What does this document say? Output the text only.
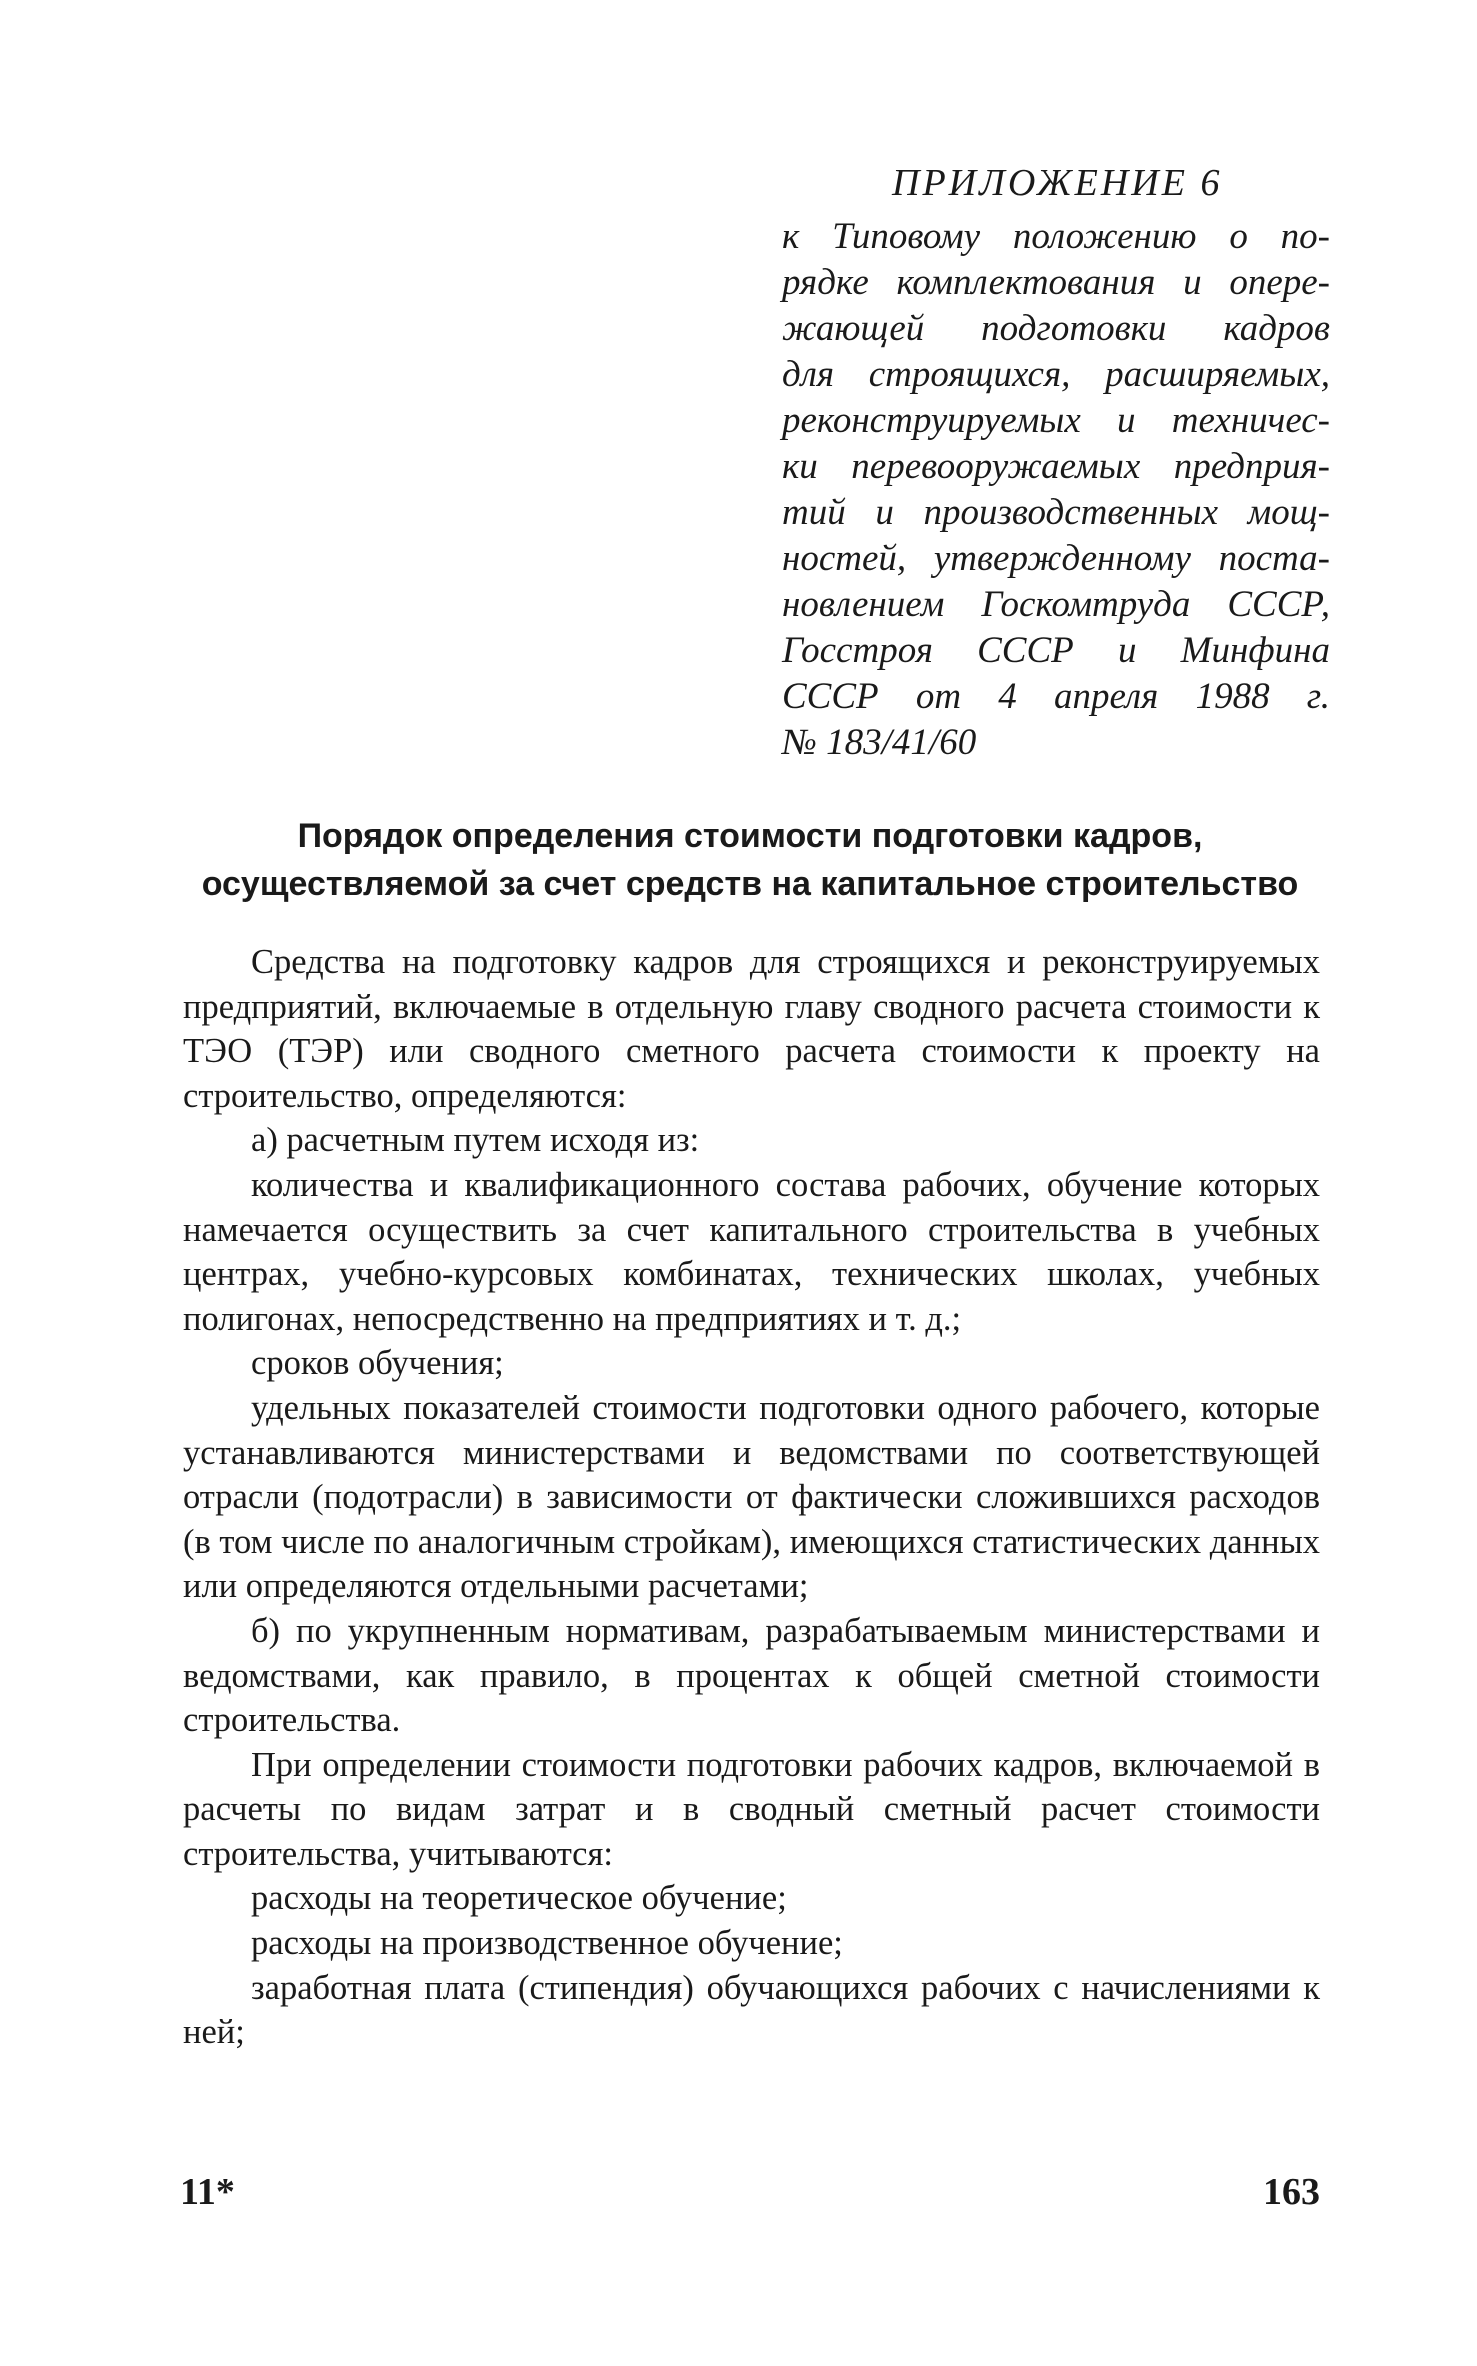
ПРИЛОЖЕНИЕ 6
к Типовому положению о по-
рядке комплектования и опере-
жающей подготовки кадров
для строящихся, расширяемых,
реконструируемых и техничес-
ки перевооружаемых предприя-
тий и производственных мощ-
ностей, утвержденному поста-
новлением Госкомтруда СССР,
Госстроя СССР и Минфина
СССР от 4 апреля 1988 г.
№ 183/41/60
Порядок определения стоимости подготовки кадров,
осуществляемой за счет средств на капитальное строительство

Средства на подготовку кадров для строящихся и реконструируемых предприятий, включаемые в отдельную главу сводного расчета стоимости к ТЭО (ТЭР) или сводного сметного расчета стоимости к проекту на строительство, определяются:

а) расчетным путем исходя из:

количества и квалификационного состава рабочих, обучение которых намечается осуществить за счет капитального строительства в учебных центрах, учебно-курсовых комбинатах, технических школах, учебных полигонах, непосредственно на предприятиях и т. д.;

сроков обучения;

удельных показателей стоимости подготовки одного рабочего, которые устанавливаются министерствами и ведомствами по соответствующей отрасли (подотрасли) в зависимости от фактически сложившихся расходов (в том числе по аналогичным стройкам), имеющихся статистических данных или определяются отдельными расчетами;

б) по укрупненным нормативам, разрабатываемым министерствами и ведомствами, как правило, в процентах к общей сметной стоимости строительства.

При определении стоимости подготовки рабочих кадров, включаемой в расчеты по видам затрат и в сводный сметный расчет стоимости строительства, учитываются:

расходы на теоретическое обучение;

расходы на производственное обучение;

заработная плата (стипендия) обучающихся рабочих с начислениями к ней;

11*	163
